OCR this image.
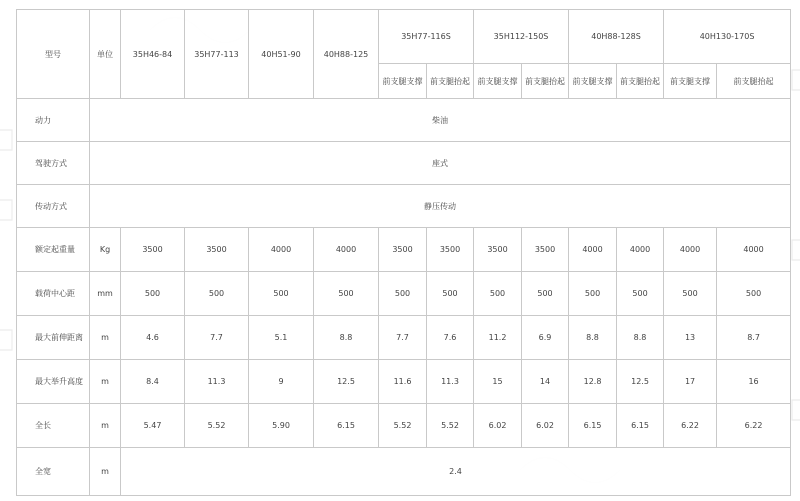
型号	单位	35H46-84	35H77-113	40H51-90	40H88-125	35H77-116S		35H112-150S		40H88-128S		40H130-170S	
						前支腿支撑	前支腿抬起	前支腿支撑	前支腿抬起	前支腿支撑	前支腿抬起	前支腿支撑	前支腿抬起
动力	柴油												
驾驶方式	座式												
传动方式	静压传动												
额定起重量	Kg	3500	3500	4000	4000	3500	3500	3500	3500	4000	4000	4000	4000
载荷中心距	mm	500	500	500	500	500	500	500	500	500	500	500	500
最大前伸距离	m	4.6	7.7	5.1	8.8	7.7	7.6	11.2	6.9	8.8	8.8	13	8.7
最大举升高度	m	8.4	11.3	9	12.5	11.6	11.3	15	14	12.8	12.5	17	16
全长	m	5.47	5.52	5.90	6.15	5.52	5.52	6.02	6.02	6.15	6.15	6.22	6.22
全宽	m	2.4											
